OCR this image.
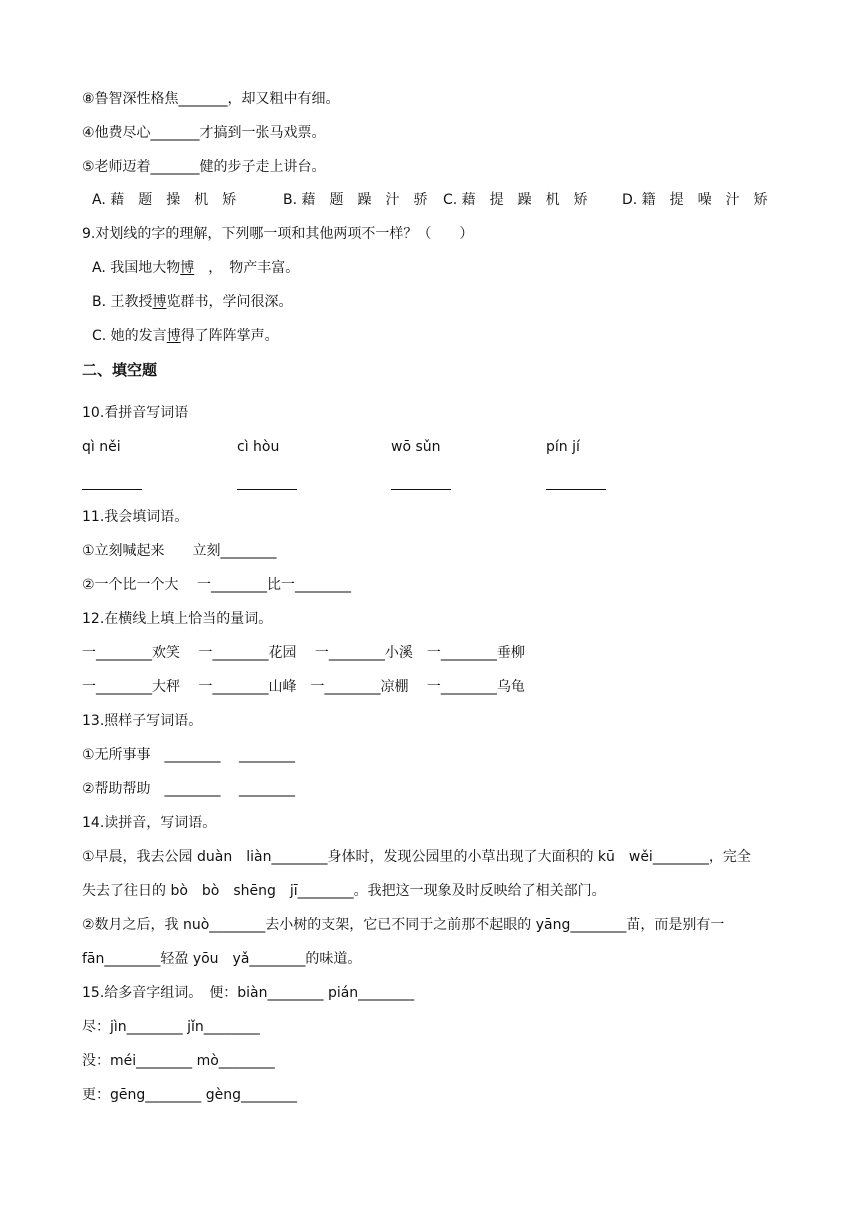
⑧鲁智深性格焦_______，却又粗中有细。
④他费尽心_______才搞到一张马戏票。
⑤老师迈着_______健的步子走上讲台。
A. 藉　题　操　机　矫	B. 藉　题　躁　汁　骄 C. 藉　提　躁　机　矫 D. 籍　提　噪　汁　矫
9.对划线的字的理解，下列哪一项和其他两项不一样？（　　）
A. 我国地大物博　，　物产丰富。
B. 王教授博览群书，学问很深。
C. 她的发言博得了阵阵掌声。
二、填空题
10.看拼音写词语
qì něi	cì hòu	wō sǔn	pín jí
11.我会填词语。
①立刻喊起来　　立刻________
②一个比一个大　 一________比一________
12.在横线上填上恰当的量词。
一________欢笑　 一________花园　 一________小溪　一________垂柳
一________大秤　 一________山峰　一________凉棚　 一________乌龟
13.照样子写词语。
①无所事事　________　 ________
②帮助帮助　________　 ________
14.读拼音，写词语。
①早晨，我去公园 duàn　liàn________身体时，发现公园里的小草出现了大面积的 kū　wěi________，完全
失去了往日的 bò　bò　shēng　jī________。我把这一现象及时反映给了相关部门。
②数月之后，我 nuò________去小树的支架，它已不同于之前那不起眼的 yāng________苗，而是别有一
fān________轻盈 yōu　yǎ________的味道。
15.给多音字组词。　便：biàn________ pián________
尽：jìn________ jǐn________
没：méi________ mò________
更：gēng________ gèng________
